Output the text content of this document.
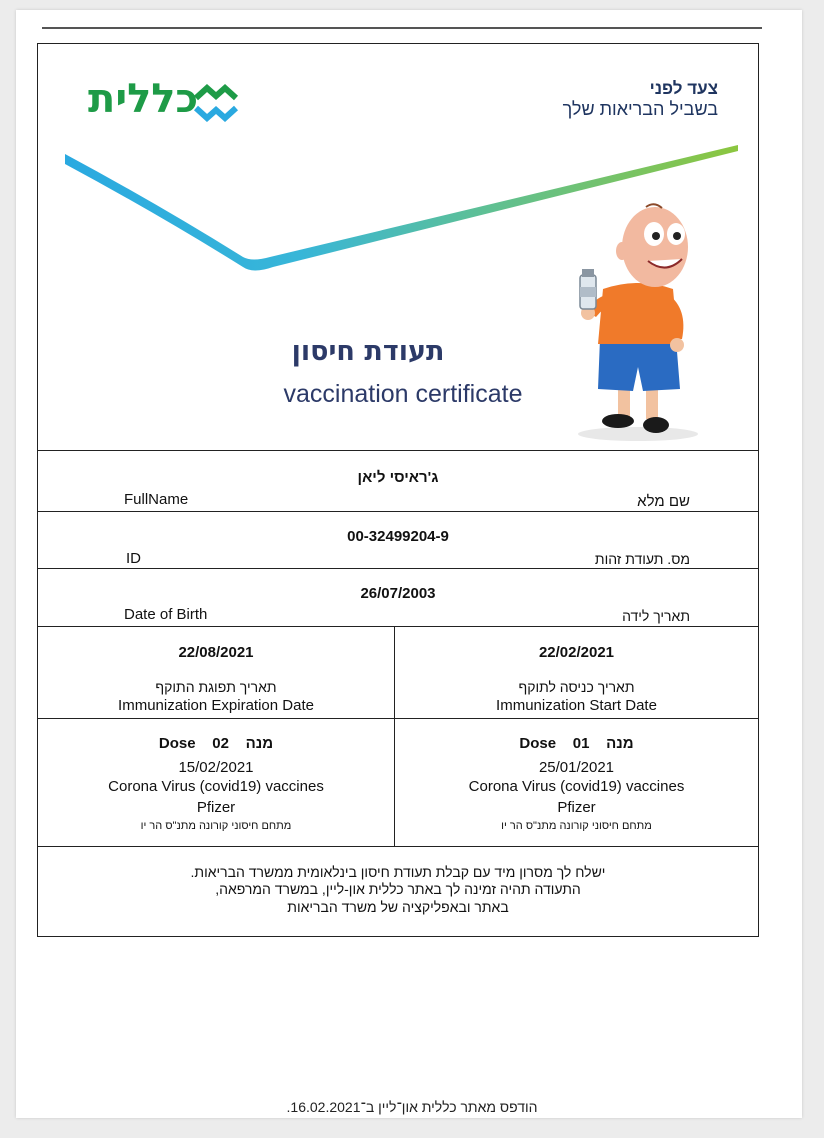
כללית	צעד לפני
בשביל הבריאות שלך
תעודת חיסון
vaccination certificate
ג'ראיסי ליאן
FullName	שם מלא
00-32499204-9
ID	מס. תעודת זהות
26/07/2003
Date of Birth	תאריך לידה
22/08/2021
תאריך תפוגת התוקף
Immunization Expiration Date
22/02/2021
תאריך כניסה לתוקף
Immunization Start Date
Dose 02 מנה
15/02/2021
Corona Virus (covid19) vaccines
Pfizer
מתחם חיסוני קורונה מתנ"ס הר יו
Dose 01 מנה
25/01/2021
Corona Virus (covid19) vaccines
Pfizer
מתחם חיסוני קורונה מתנ"ס הר יו
ישלח לך מסרון מיד עם קבלת תעודת חיסון בינלאומית ממשרד הבריאות.
התעודה תהיה זמינה לך באתר כללית און-ליין, במשרד המרפאה,
באתר ובאפליקציה של משרד הבריאות
הודפס מאתר כללית און־ליין ב־16.02.2021.
